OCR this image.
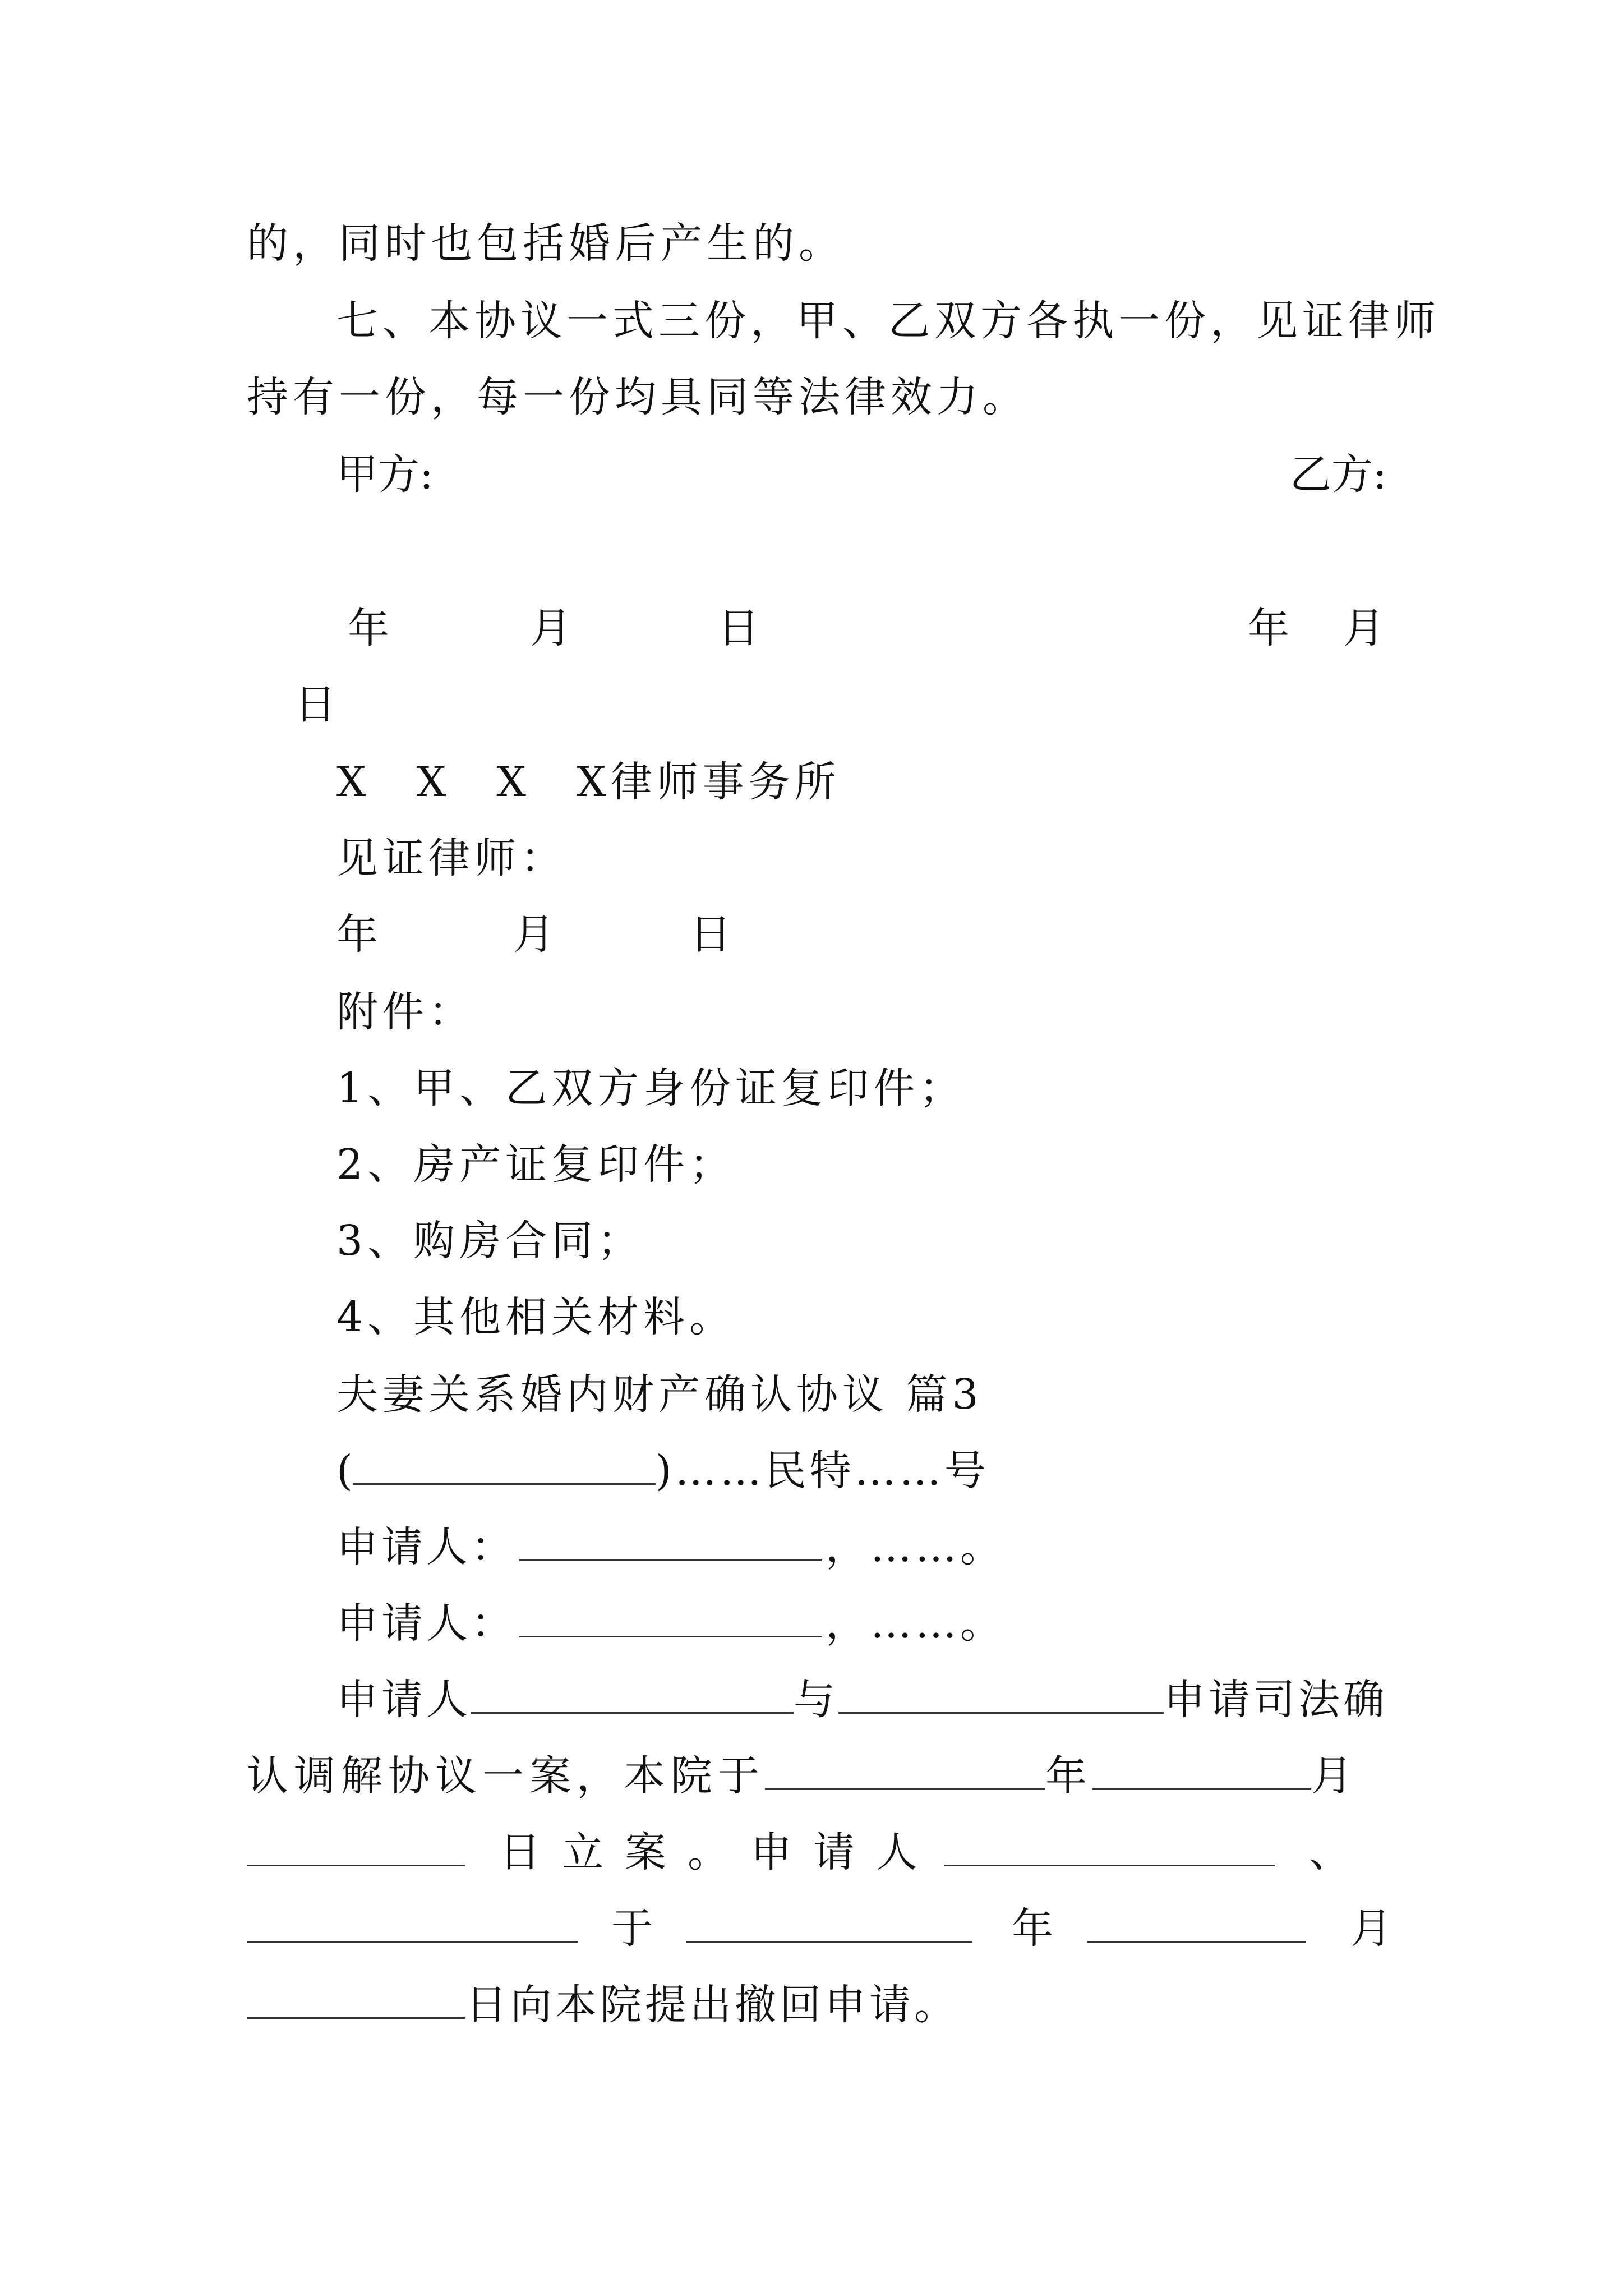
的，同时也包括婚后产生的。
七、本协议一式三份，甲、乙双方各执一份，见证律师
持有一份，每一份均具同等法律效力。
甲方:	乙方:
年	月	日	年 月
日
X　X　X　X律师事务所
见证律师：
年	月	日
附件：
1、甲、乙双方身份证复印件；
2、房产证复印件；
3、购房合同；
4、其他相关材料。
夫妻关系婚内财产确认协议 篇3
(	)……民特……号
申请人：	，……。
申请人：	，……。
申请人	与	申请司法确
认调解协议一案，本院于	年	月
日立案。申请人	、
于	年	月
日向本院提出撤回申请。
